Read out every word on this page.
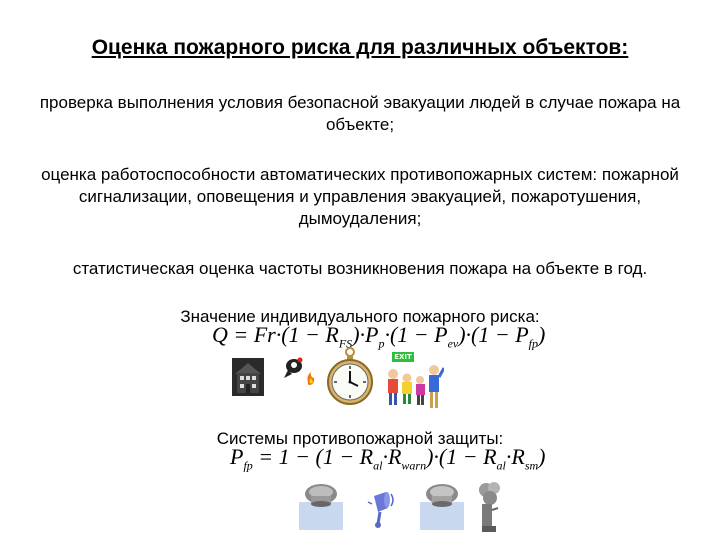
Оценка пожарного риска для различных объектов:
проверка выполнения условия безопасной эвакуации людей в случае пожара на объекте;
оценка работоспособности автоматических противопожарных систем: пожарной сигнализации, оповещения и управления эвакуацией, пожаротушения, дымоудаления;
статистическая оценка частоты возникновения пожара на объекте в год.
Значение индивидуального пожарного риска:
$Q = Fr\cdot(1 - R_{FS})\cdot P_p\cdot(1 - P_{ev})\cdot(1 - P_{fp})$
EXIT
Системы противопожарной защиты:
$P_{fp} = 1 - (1 - R_{al}\cdot R_{warn})\cdot(1 - R_{al}\cdot R_{sm})$
